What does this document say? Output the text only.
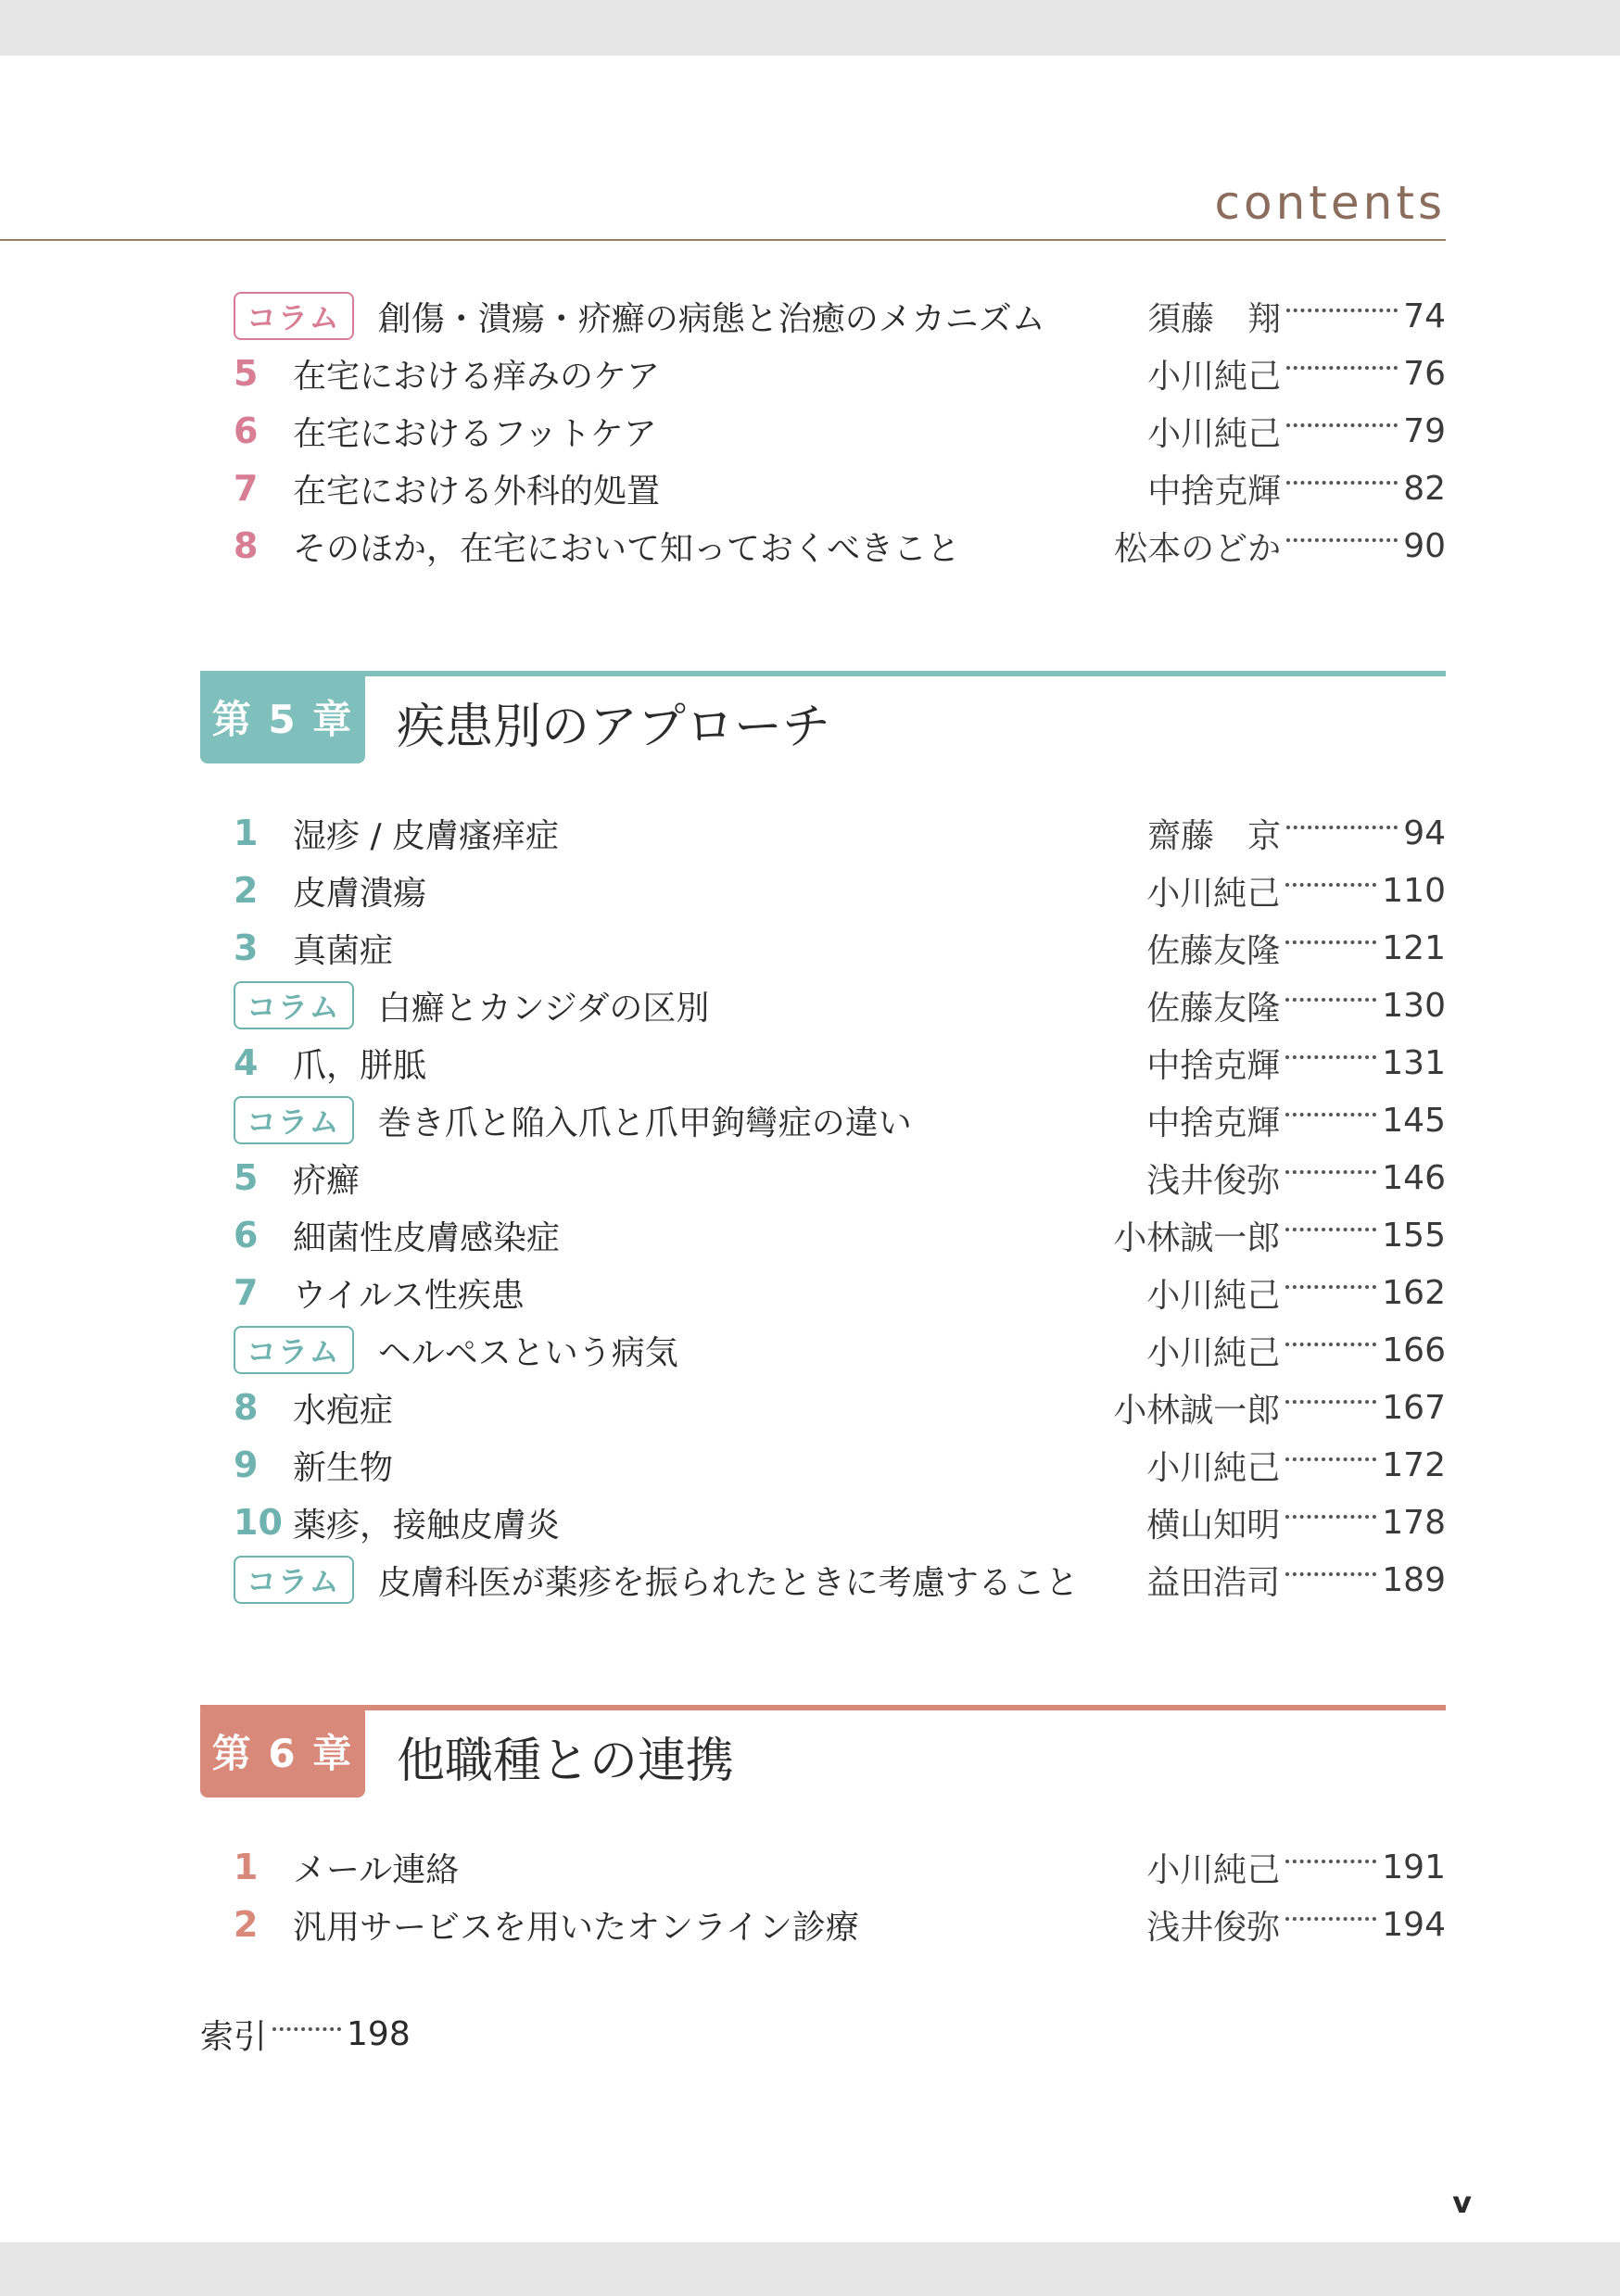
contents
コラム	創傷・潰瘍・疥癬の病態と治癒のメカニズム	須藤　翔	74
5	在宅における痒みのケア	小川純己	76
6	在宅におけるフットケア	小川純己	79
7	在宅における外科的処置	中捨克輝	82
8	そのほか，在宅において知っておくべきこと	松本のどか	90
第 5 章 疾患別のアプローチ
1	湿疹 / 皮膚瘙痒症	齋藤　京	94
2	皮膚潰瘍	小川純己	110
3	真菌症	佐藤友隆	121
コラム	白癬とカンジダの区別	佐藤友隆	130
4	爪，胼胝	中捨克輝	131
コラム	巻き爪と陥入爪と爪甲鉤彎症の違い	中捨克輝	145
5	疥癬	浅井俊弥	146
6	細菌性皮膚感染症	小林誠一郎	155
7	ウイルス性疾患	小川純己	162
コラム	ヘルペスという病気	小川純己	166
8	水疱症	小林誠一郎	167
9	新生物	小川純己	172
10 薬疹，接触皮膚炎	横山知明	178
コラム	皮膚科医が薬疹を振られたときに考慮すること	益田浩司	189
第 6 章 他職種との連携
1	メール連絡	小川純己	191
2	汎用サービスを用いたオンライン診療	浅井俊弥	194
索引 198
v
